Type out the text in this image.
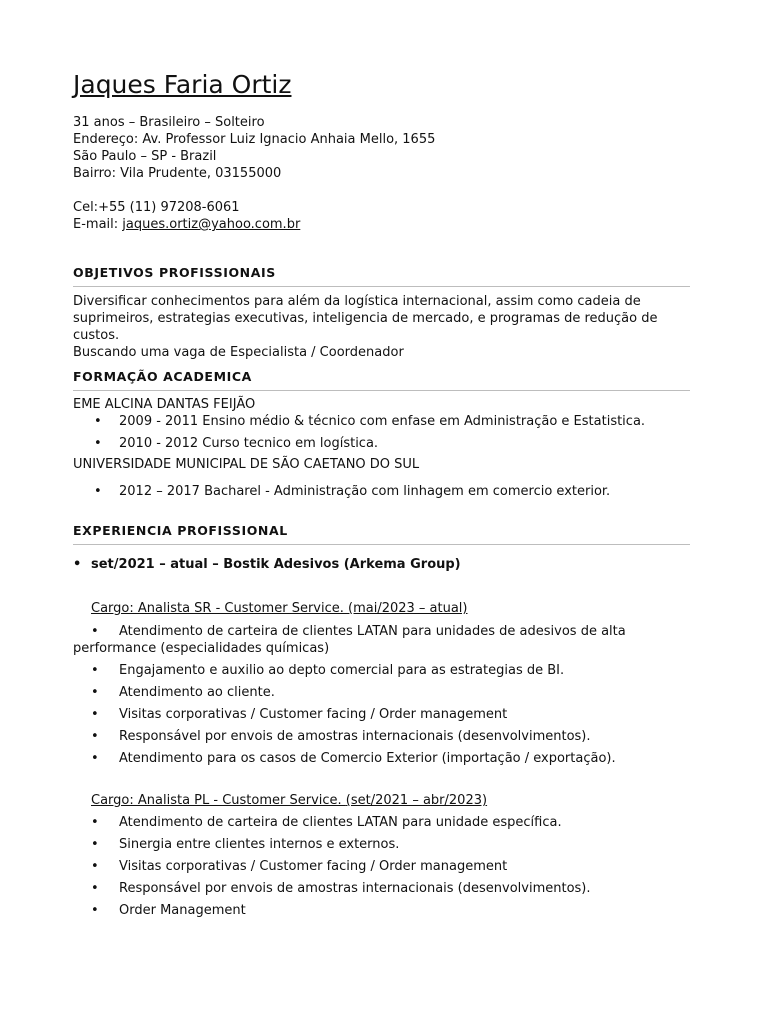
Jaques Faria Ortiz
31 anos – Brasileiro – Solteiro
Endereço: Av. Professor Luiz Ignacio Anhaia Mello, 1655
São Paulo – SP - Brazil
Bairro: Vila Prudente, 03155000
Cel:+55 (11) 97208-6061
E-mail: jaques.ortiz@yahoo.com.br
OBJETIVOS PROFISSIONAIS

Diversificar conhecimentos para além da logística internacional, assim como cadeia de suprimeiros, estrategias executivas, inteligencia de mercado, e programas de redução de custos.

Buscando uma vaga de Especialista / Coordenador

FORMAÇÃO ACADEMICA

EME ALCINA DANTAS FEIJÃO

• 2009 - 2011 Ensino médio & técnico com enfase em Administração e Estatistica.
• 2010 - 2012 Curso tecnico em logística.

UNIVERSIDADE MUNICIPAL DE SÃO CAETANO DO SUL

• 2012 – 2017 Bacharel - Administração com linhagem em comercio exterior.
EXPERIENCIA PROFISSIONAL
• set/2021 – atual – Bostik Adesivos (Arkema Group)
Cargo: Analista SR - Customer Service. (mai/2023 – atual)
• Atendimento de carteira de clientes LATAN para unidades de adesivos de alta
performance (especialidades químicas)
• Engajamento e auxilio ao depto comercial para as estrategias de BI.
• Atendimento ao cliente.
• Visitas corporativas / Customer facing / Order management
• Responsável por envois de amostras internacionais (desenvolvimentos).
• Atendimento para os casos de Comercio Exterior (importação / exportação).
Cargo: Analista PL - Customer Service. (set/2021 – abr/2023)
• Atendimento de carteira de clientes LATAN para unidade específica.
• Sinergia entre clientes internos e externos.
• Visitas corporativas / Customer facing / Order management
• Responsável por envois de amostras internacionais (desenvolvimentos).
• Order Management
